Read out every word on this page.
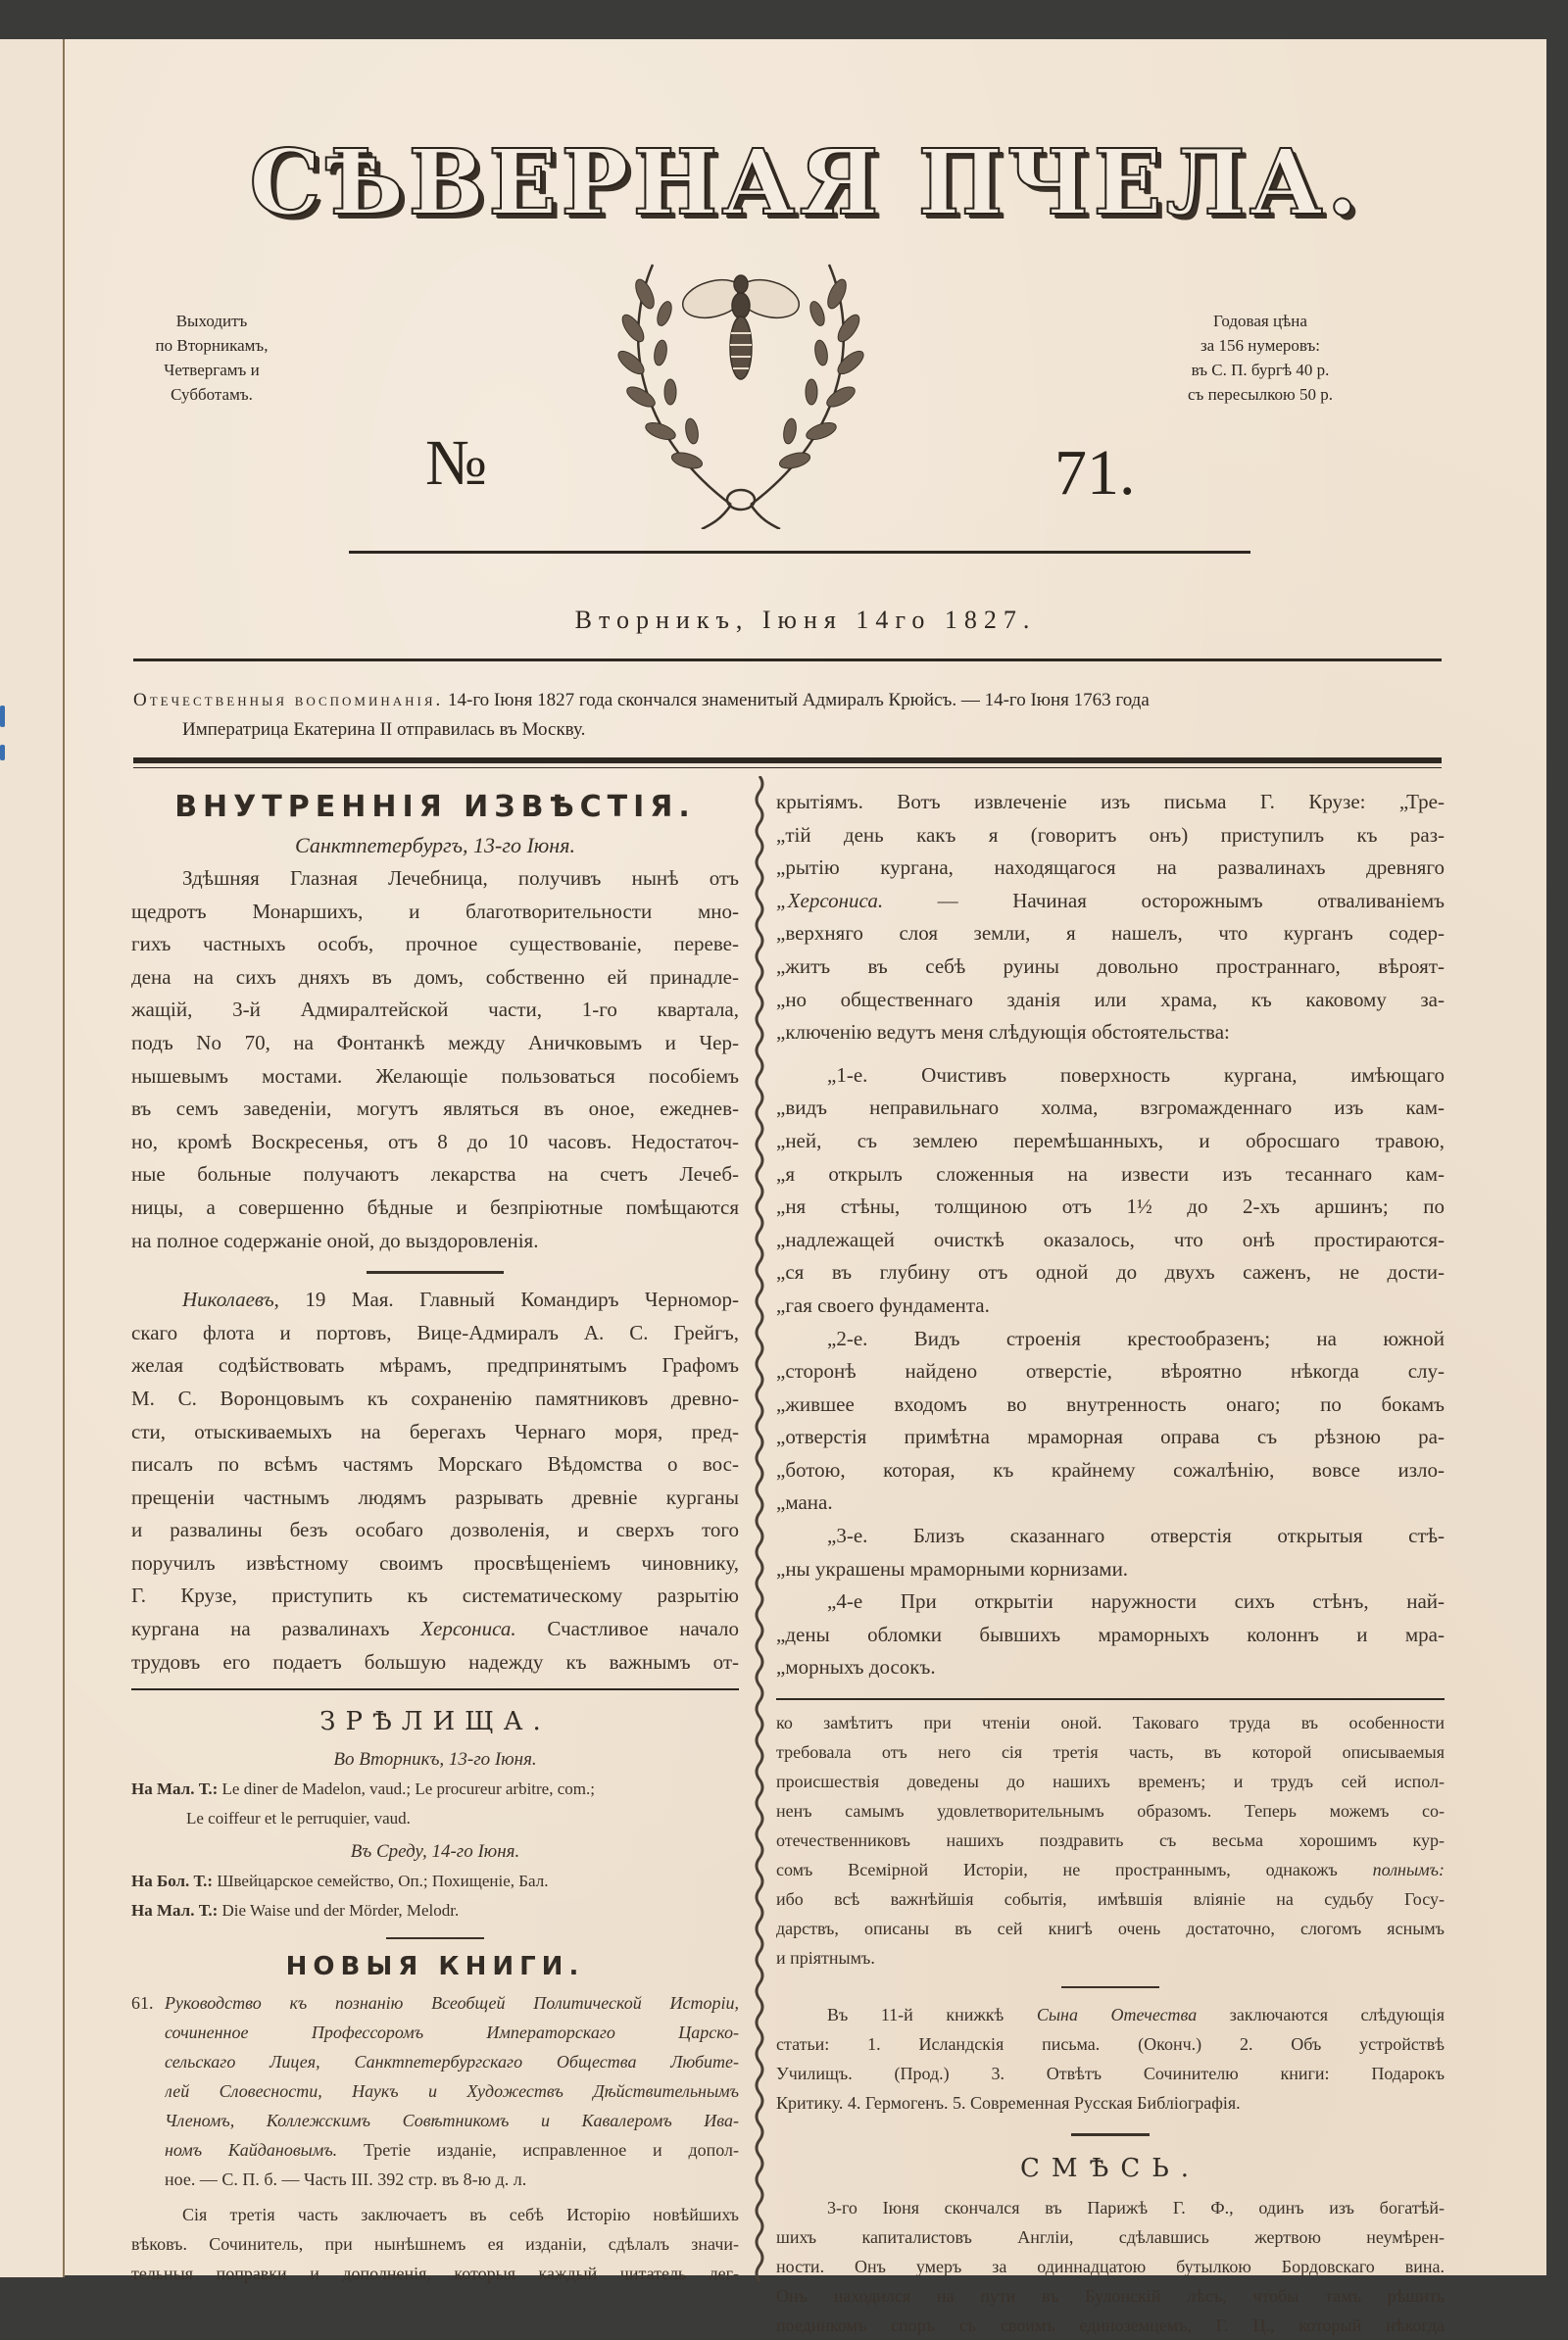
СѢВЕРНАЯ ПЧЕЛА.
Выходитъ
по Вторникамъ,
Четвергамъ и
Субботамъ.
Годовая цѣна
за 156 нумеровъ:
въ С. П. бургѣ 40 р.
съ пересылкою 50 р.
№	71.
Вторникъ, Iюня 14го 1827.
Отечественныя воспоминанія. 14-го Iюня 1827 года скончался знаменитый Адмиралъ Крюйсъ. — 14-го Iюня 1763 года
Императрица Екатерина II отправилась въ Москву.
ВНУТРЕННІЯ ИЗВѢСТІЯ.
Санктпетербургъ, 13-го Iюня.
Здѣшняя Глазная Лечебница, получивъ нынѣ отъ
щедротъ Монаршихъ, и благотворительности мно-
гихъ частныхъ особъ, прочное существованіе, переве-
дена на сихъ дняхъ въ домъ, собственно ей принадле-
жащій, 3-й Адмиралтейской части, 1-го квартала,
подъ No 70, на Фонтанкѣ между Аничковымъ и Чер-
нышевымъ мостами. Желающіе пользоваться пособіемъ
въ семъ заведеніи, могутъ являться въ оное, ежеднев-
но, кромѣ Воскресенья, отъ 8 до 10 часовъ. Недостаточ-
ные больные получаютъ лекарства на счетъ Лечеб-
ницы, а совершенно бѣдные и безпріютные помѣщаются
на полное содержаніе оной, до выздоровленія.
Николаевъ, 19 Мая. Главный Командиръ Черномор-
скаго флота и портовъ, Вице-Адмиралъ А. С. Грейгъ,
желая содѣйствовать мѣрамъ, предпринятымъ Графомъ
М. С. Воронцовымъ къ сохраненію памятниковъ древно-
сти, отыскиваемыхъ на берегахъ Чернаго моря, пред-
писалъ по всѣмъ частямъ Морскаго Вѣдомства о вос-
прещеніи частнымъ людямъ разрывать древніе курганы
и развалины безъ особаго дозволенія, и сверхъ того
поручилъ извѣстному своимъ просвѣщеніемъ чиновнику,
Г. Крузе, приступить къ систематическому разрытію
кургана на развалинахъ Херсониса. Счастливое начало
трудовъ его подаетъ большую надежду къ важнымъ от-
ЗРѢЛИЩА.
Во Вторникъ, 13-го Iюня.
На Мал. Т.: Le diner de Madelon, vaud.; Le procureur arbitre, com.;
Le coiffeur et le perruquier, vaud.
Въ Среду, 14-го Iюня.
На Бол. Т.: Швейцарское семейство, Оп.; Похищеніе, Бал.
На Мал. Т.: Die Waise und der Mörder, Melodr.
НОВЫЯ КНИГИ.
61. Руководство къ познанію Всеобщей Политической Исторіи,
сочиненное Профессоромъ Императорскаго Царско-
сельскаго Лицея, Санктпетербургскаго Общества Любите-
лей Словесности, Наукъ и Художествъ Дѣйствительнымъ
Членомъ, Коллежскимъ Совѣтникомъ и Кавалеромъ Ива-
номъ Кайдановымъ. Третіе изданіе, исправленное и допол-
ное. — С. П. б. — Часть III. 392 стр. въ 8-ю д. л.
Сія третія часть заключаетъ въ себѣ Исторію новѣйшихъ
вѣковъ. Сочинитель, при нынѣшнемъ ея изданіи, сдѣлалъ значи-
тельныя поправки и дополненія, которыя каждый читатель лег-
крытіямъ. Вотъ извлеченіе изъ письма Г. Крузе: „Тре-
„тій день какъ я (говоритъ онъ) приступилъ къ раз-
„рытію кургана, находящагося на развалинахъ древняго
„Херсониса. — Начиная осторожнымъ отваливаніемъ
„верхняго слоя земли, я нашелъ, что курганъ содер-
„житъ въ себѣ руины довольно пространнаго, вѣроят-
„но общественнаго зданія или храма, къ каковому за-
„ключенію ведутъ меня слѣдующія обстоятельства:
„1-е. Очистивъ поверхность кургана, имѣющаго
„видъ неправильнаго холма, взгромажденнаго изъ кам-
„ней, съ землею перемѣшанныхъ, и обросшаго травою,
„я открылъ сложенныя на извести изъ тесаннаго кам-
„ня стѣны, толщиною отъ 1½ до 2-хъ аршинъ; по
„надлежащей очисткѣ оказалось, что онѣ простираются-
„ся въ глубину отъ одной до двухъ саженъ, не дости-
„гая своего фундамента.
„2-е. Видъ строенія крестообразенъ; на южной
„сторонѣ найдено отверстіе, вѣроятно нѣкогда слу-
„жившее входомъ во внутренность онаго; по бокамъ
„отверстія примѣтна мраморная оправа съ рѣзною ра-
„ботою, которая, къ крайнему сожалѣнію, вовсе изло-
„мана.
„3-е. Близъ сказаннаго отверстія открытыя стѣ-
„ны украшены мраморными корнизами.
„4-е При открытіи наружности сихъ стѣнъ, най-
„дены обломки бывшихъ мраморныхъ колоннъ и мра-
„морныхъ досокъ.
ко замѣтитъ при чтеніи оной. Таковаго труда въ особенности
требовала отъ него сія третія часть, въ которой описываемыя
происшествія доведены до нашихъ временъ; и трудъ сей испол-
ненъ самымъ удовлетворительнымъ образомъ. Теперь можемъ со-
отечественниковъ нашихъ поздравить съ весьма хорошимъ кур-
сомъ Всемірной Исторіи, не пространнымъ, однакожъ полнымъ:
ибо всѣ важнѣйшія событія, имѣвшія вліяніе на судьбу Госу-
дарствъ, описаны въ сей книгѣ очень достаточно, слогомъ яснымъ
и пріятнымъ.
Въ 11-й книжкѣ Сына Отечества заключаются слѣдующія
статьи: 1. Исландскія письма. (Оконч.) 2. Объ устройствѣ
Училищъ. (Прод.) 3. Отвѣтъ Сочинителю книги: Подарокъ
Критику. 4. Гермогенъ. 5. Современная Русская Библіографія.
СМѢСЬ.
3-го Iюня скончался въ Парижѣ Г. Ф., одинъ изъ богатѣй-
шихъ капиталистовъ Англіи, сдѣлавшись жертвою неумѣрен-
ности. Онъ умеръ за одиннадцатою бутылкою Бордовскаго вина.
Онъ находился на пути въ Булонскій лѣсъ, чтобы тамъ рѣшить
поединкомъ споръ съ своимъ единоземцемъ, Г. Ц., который нѣкогда
